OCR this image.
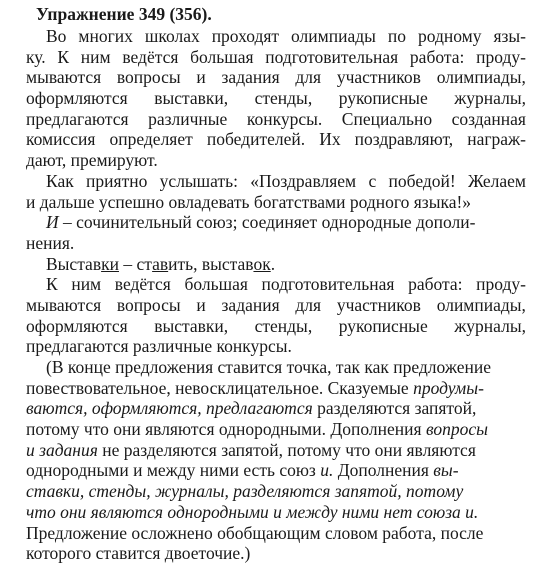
Упражнение 349 (356).
Во многих школах проходят олимпиады по родному язы-
ку. К ним ведётся большая подготовительная работа: проду-
мываются вопросы и задания для участников олимпиады,
оформляются выставки, стенды, рукописные журналы,
предлагаются различные конкурсы. Специально созданная
комиссия определяет победителей. Их поздравляют, награж-
дают, премируют.
Как приятно услышать: «Поздравляем с победой! Желаем
и дальше успешно овладевать богатствами родного языка!»
И – сочинительный союз; соединяет однородные дополи-
нения.
Выставки – ставить, выставок.
К ним ведётся большая подготовительная работа: проду-
мываются вопросы и задания для участников олимпиады,
оформляются выставки, стенды, рукописные журналы,
предлагаются различные конкурсы.
(В конце предложения ставится точка, так как предложение
повествовательное, невосклицательное. Сказуемые продумы-
ваются, оформляются, предлагаются разделяются запятой,
потому что они являются однородными. Дополнения вопросы
и задания не разделяются запятой, потому что они являются
однородными и между ними есть союз и. Дополнения вы-
ставки, стенды, журналы, разделяются запятой, потому
что они являются однородными и между ними нет союза и.
Предложение осложнено обобщающим словом работа, после
которого ставится двоеточие.)
